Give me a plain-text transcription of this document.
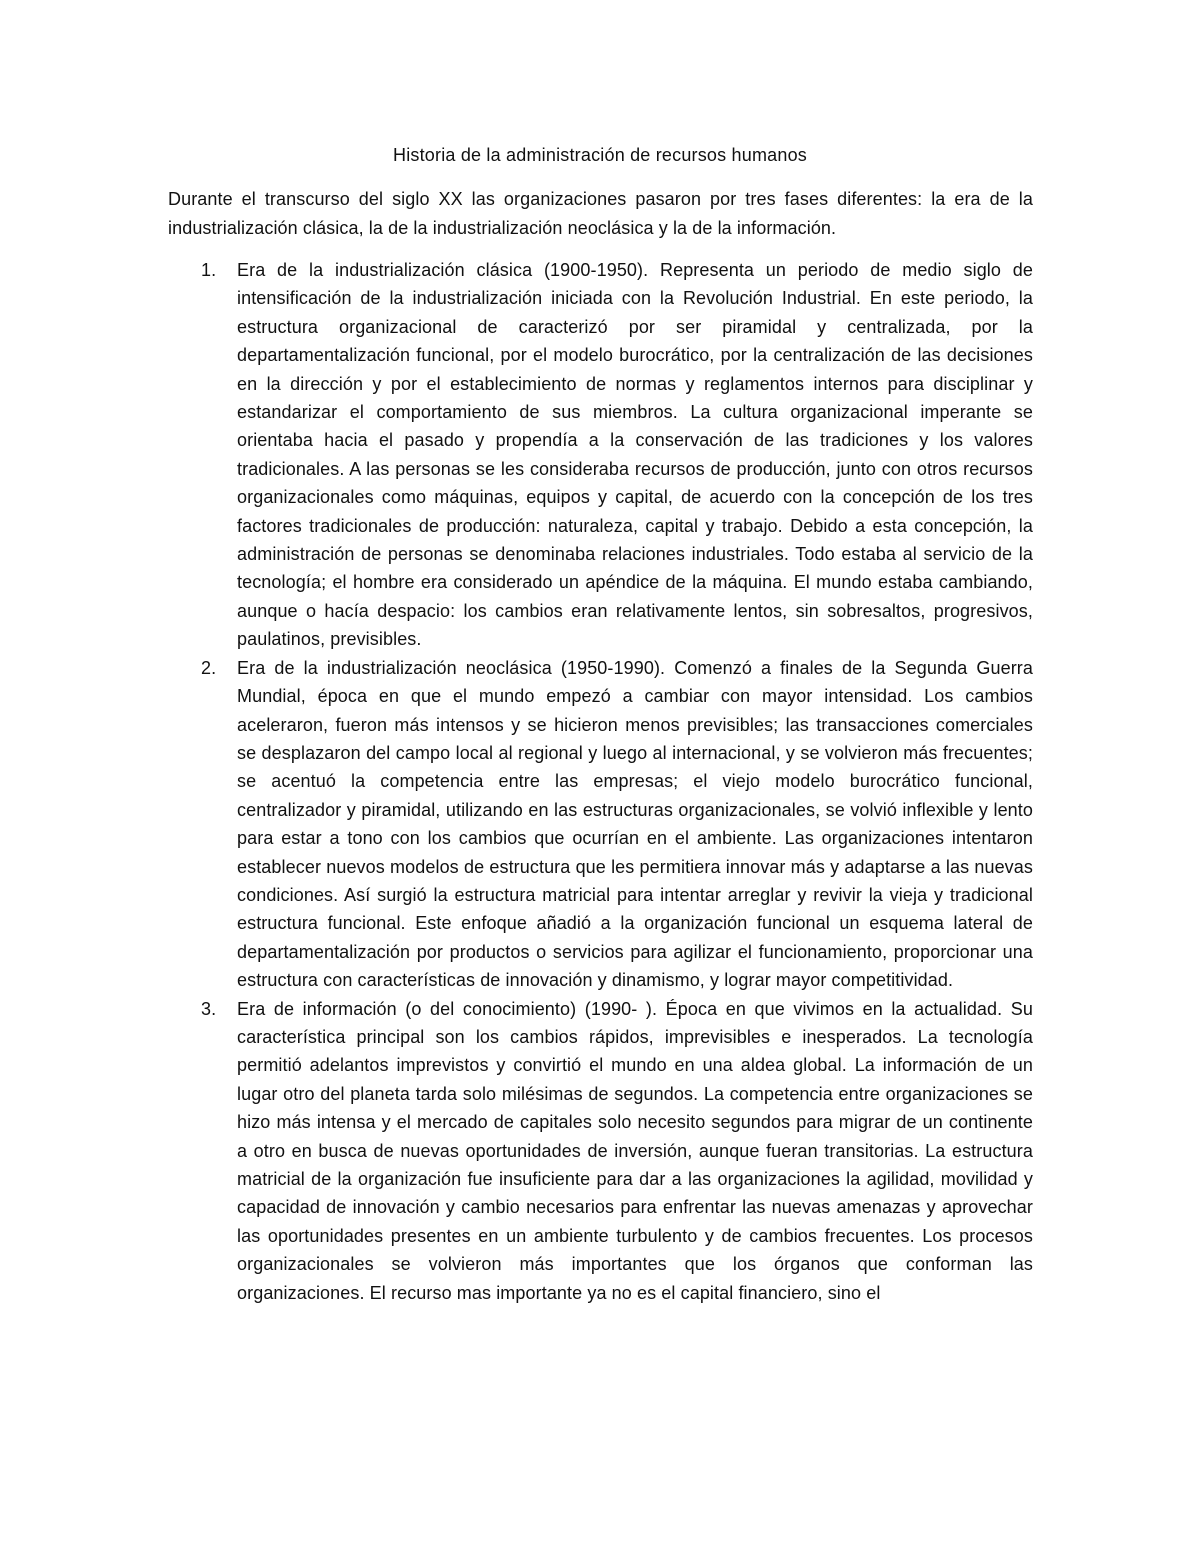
Historia de la administración de recursos humanos

Durante el transcurso del siglo XX las organizaciones pasaron por tres fases diferentes: la era de la industrialización clásica, la de la industrialización neoclásica y la de la información.

1. Era de la industrialización clásica (1900-1950). Representa un periodo de medio siglo de intensificación de la industrialización iniciada con la Revolución Industrial. En este periodo, la estructura organizacional de caracterizó por ser piramidal y centralizada, por la departamentalización funcional, por el modelo burocrático, por la centralización de las decisiones en la dirección y por el establecimiento de normas y reglamentos internos para disciplinar y estandarizar el comportamiento de sus miembros. La cultura organizacional imperante se orientaba hacia el pasado y propendía a la conservación de las tradiciones y los valores tradicionales. A las personas se les consideraba recursos de producción, junto con otros recursos organizacionales como máquinas, equipos y capital, de acuerdo con la concepción de los tres factores tradicionales de producción: naturaleza, capital y trabajo. Debido a esta concepción, la administración de personas se denominaba relaciones industriales. Todo estaba al servicio de la tecnología; el hombre era considerado un apéndice de la máquina. El mundo estaba cambiando, aunque o hacía despacio: los cambios eran relativamente lentos, sin sobresaltos, progresivos, paulatinos, previsibles.
2. Era de la industrialización neoclásica (1950-1990). Comenzó a finales de la Segunda Guerra Mundial, época en que el mundo empezó a cambiar con mayor intensidad. Los cambios aceleraron, fueron más intensos y se hicieron menos previsibles; las transacciones comerciales se desplazaron del campo local al regional y luego al internacional, y se volvieron más frecuentes; se acentuó la competencia entre las empresas; el viejo modelo burocrático funcional, centralizador y piramidal, utilizando en las estructuras organizacionales, se volvió inflexible y lento para estar a tono con los cambios que ocurrían en el ambiente. Las organizaciones intentaron establecer nuevos modelos de estructura que les permitiera innovar más y adaptarse a las nuevas condiciones. Así surgió la estructura matricial para intentar arreglar y revivir la vieja y tradicional estructura funcional. Este enfoque añadió a la organización funcional un esquema lateral de departamentalización por productos o servicios para agilizar el funcionamiento, proporcionar una estructura con características de innovación y dinamismo, y lograr mayor competitividad.
3. Era de información (o del conocimiento) (1990- ). Época en que vivimos en la actualidad. Su característica principal son los cambios rápidos, imprevisibles e inesperados. La tecnología permitió adelantos imprevistos y convirtió el mundo en una aldea global. La información de un lugar otro del planeta tarda solo milésimas de segundos. La competencia entre organizaciones se hizo más intensa y el mercado de capitales solo necesito segundos para migrar de un continente a otro en busca de nuevas oportunidades de inversión, aunque fueran transitorias. La estructura matricial de la organización fue insuficiente para dar a las organizaciones la agilidad, movilidad y capacidad de innovación y cambio necesarios para enfrentar las nuevas amenazas y aprovechar las oportunidades presentes en un ambiente turbulento y de cambios frecuentes. Los procesos organizacionales se volvieron más importantes que los órganos que conforman las organizaciones. El recurso mas importante ya no es el capital financiero, sino el
